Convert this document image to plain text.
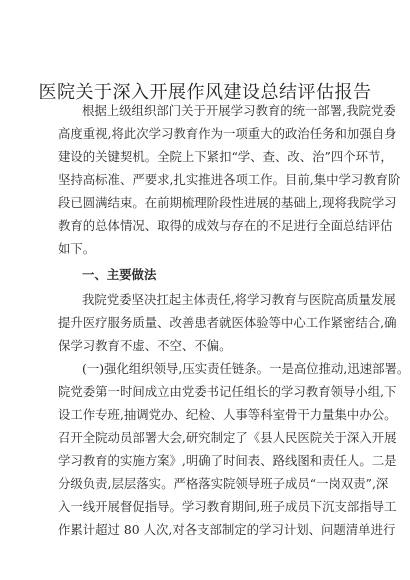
医院关于深入开展作风建设总结评估报告
根据上级组织部门关于开展学习教育的统一部署,我院党委
高度重视,将此次学习教育作为一项重大的政治任务和加强自身
建设的关键契机。全院上下紧扣“学、查、改、治”四个环节，
坚持高标准、严要求,扎实推进各项工作。目前,集中学习教育阶
段已圆满结束。在前期梳理阶段性进展的基础上,现将我院学习
教育的总体情况、取得的成效与存在的不足进行全面总结评估
如下。
一、主要做法
我院党委坚决扛起主体责任,将学习教育与医院高质量发展
提升医疗服务质量、改善患者就医体验等中心工作紧密结合,确
保学习教育不虚、不空、不偏。
(一)强化组织领导,压实责任链条。一是高位推动,迅速部署。
院党委第一时间成立由党委书记任组长的学习教育领导小组,下
设工作专班,抽调党办、纪检、人事等科室骨干力量集中办公。
召开全院动员部署大会,研究制定了《县人民医院关于深入开展
学习教育的实施方案》,明确了时间表、路线图和责任人。二是
分级负责,层层落实。严格落实院领导班子成员“一岗双责”,深
入一线开展督促指导。学习教育期间,班子成员下沉支部指导工
作累计超过 80 人次,对各支部制定的学习计划、问题清单进行
